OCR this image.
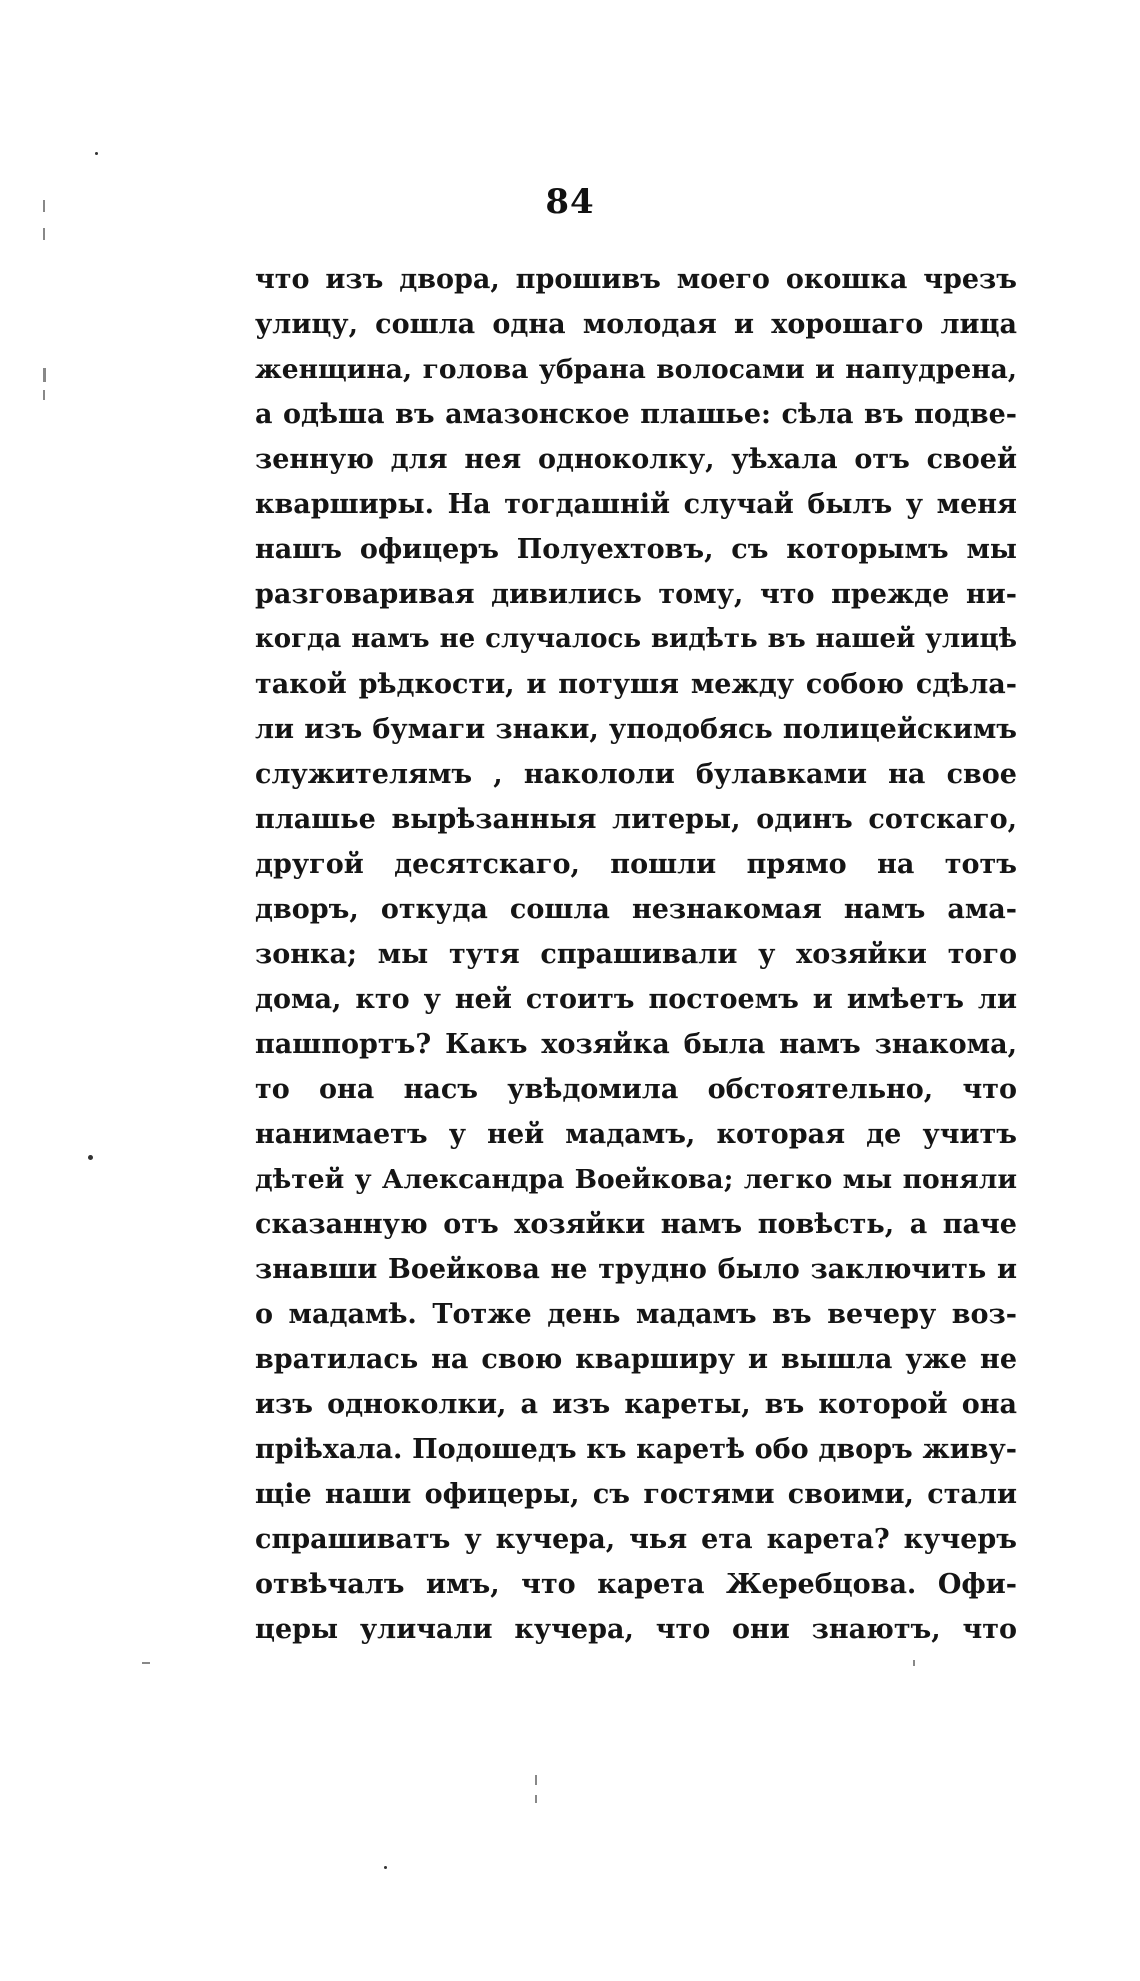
84
что изъ двора, прошивъ моего окошка чрезъ
улицу, сошла одна молодая и хорошаго лица
женщина, голова убрана волосами и напудрена,
а одѣша въ амазонское плашье: сѣла въ подве-
зенную для нея одноколку, уѣхала отъ своей
кварширы. На тогдашній случай былъ у меня
нашъ офицеръ Полуехтовъ, съ которымъ мы
разговаривая дивились тому, что прежде ни-
когда намъ не случалось видѣть въ нашей улицѣ
такой рѣдкости, и потушя между собою сдѣла-
ли изъ бумаги знаки, уподобясь полицейскимъ
служителямъ , накололи булавками на свое
плашье вырѣзанныя литеры, одинъ сотскаго,
другой десятскаго, пошли прямо на тотъ
дворъ, откуда сошла незнакомая намъ ама-
зонка; мы тутя спрашивали у хозяйки того
дома, кто у ней стоитъ постоемъ и имѣетъ ли
пашпортъ? Какъ хозяйка была намъ знакома,
то она насъ увѣдомила обстоятельно, что
нанимаетъ у ней мадамъ, которая де учитъ
дѣтей у Александра Воейкова; легко мы поняли
сказанную отъ хозяйки намъ повѣсть, а паче
знавши Воейкова не трудно было заключить и
о мадамѣ. Тотже день мадамъ въ вечеру воз-
вратилась на свою кварширу и вышла уже не
изъ одноколки, а изъ кареты, въ которой она
пріѣхала. Подошедъ къ каретѣ обо дворъ живу-
щіе наши офицеры, съ гостями своими, стали
спрашиватъ у кучера, чья ета карета? кучеръ
отвѣчалъ имъ, что карета Жеребцова. Офи-
церы уличали кучера, что они знаютъ, что
